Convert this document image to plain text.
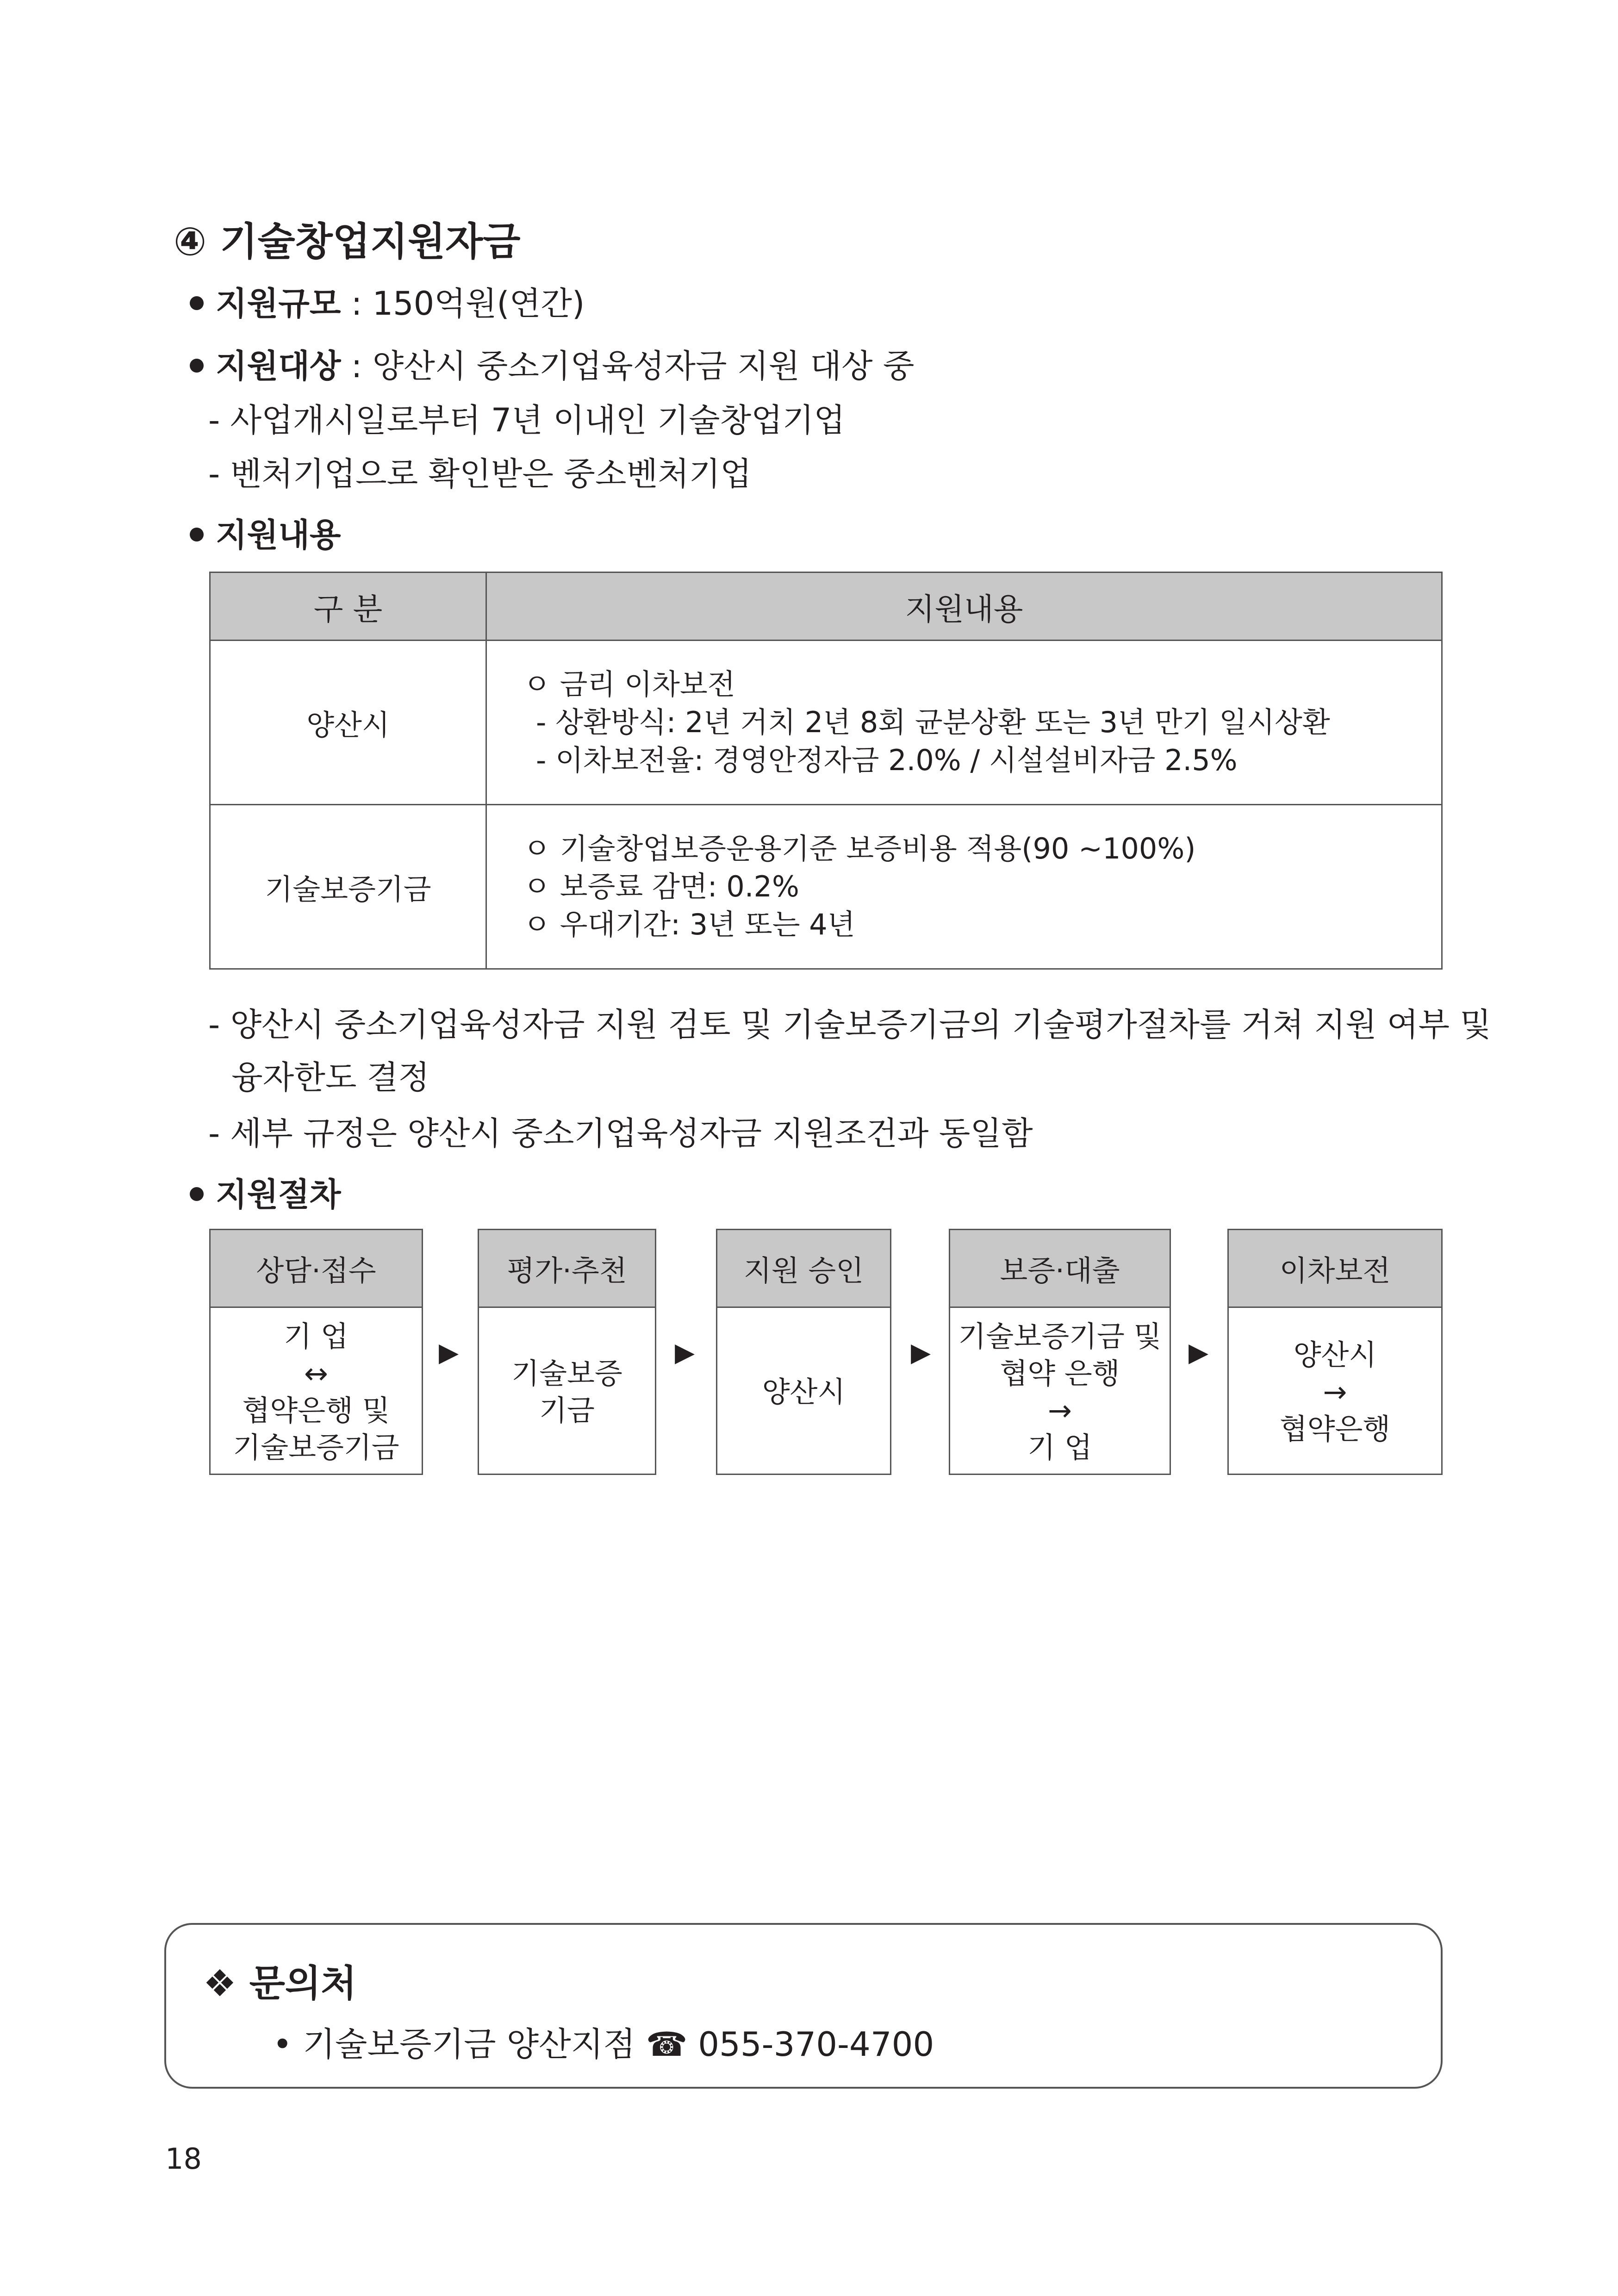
④ 기술창업지원자금
지원규모 : 150억원(연간)
지원대상 : 양산시 중소기업육성자금 지원 대상 중
- 사업개시일로부터 7년 이내인 기술창업기업
- 벤처기업으로 확인받은 중소벤처기업
지원내용
구 분	지원내용
양산시	ㅇ 금리 이차보전
- 상환방식: 2년 거치 2년 8회 균분상환 또는 3년 만기 일시상환
- 이차보전율: 경영안정자금 2.0% / 시설설비자금 2.5%

기술보증기금	ㅇ 기술창업보증운용기준 보증비용 적용(90 ~100%)
ㅇ 보증료 감면: 0.2%
ㅇ 우대기간: 3년 또는 4년
- 양산시 중소기업육성자금 지원 검토 및 기술보증기금의 기술평가절차를 거쳐 지원 여부 및
융자한도 결정
- 세부 규정은 양산시 중소기업육성자금 지원조건과 동일함
지원절차
상담·접수
기 업
↔
협약은행 및
기술보증기금
▶
평가·추천
기술보증
기금
▶
지원 승인
양산시
▶
보증·대출
기술보증기금 및
협약 은행
→
기 업
▶
이차보전
양산시
→
협약은행
❖ 문의처
• 기술보증기금 양산지점 ☎ 055-370-4700
18
